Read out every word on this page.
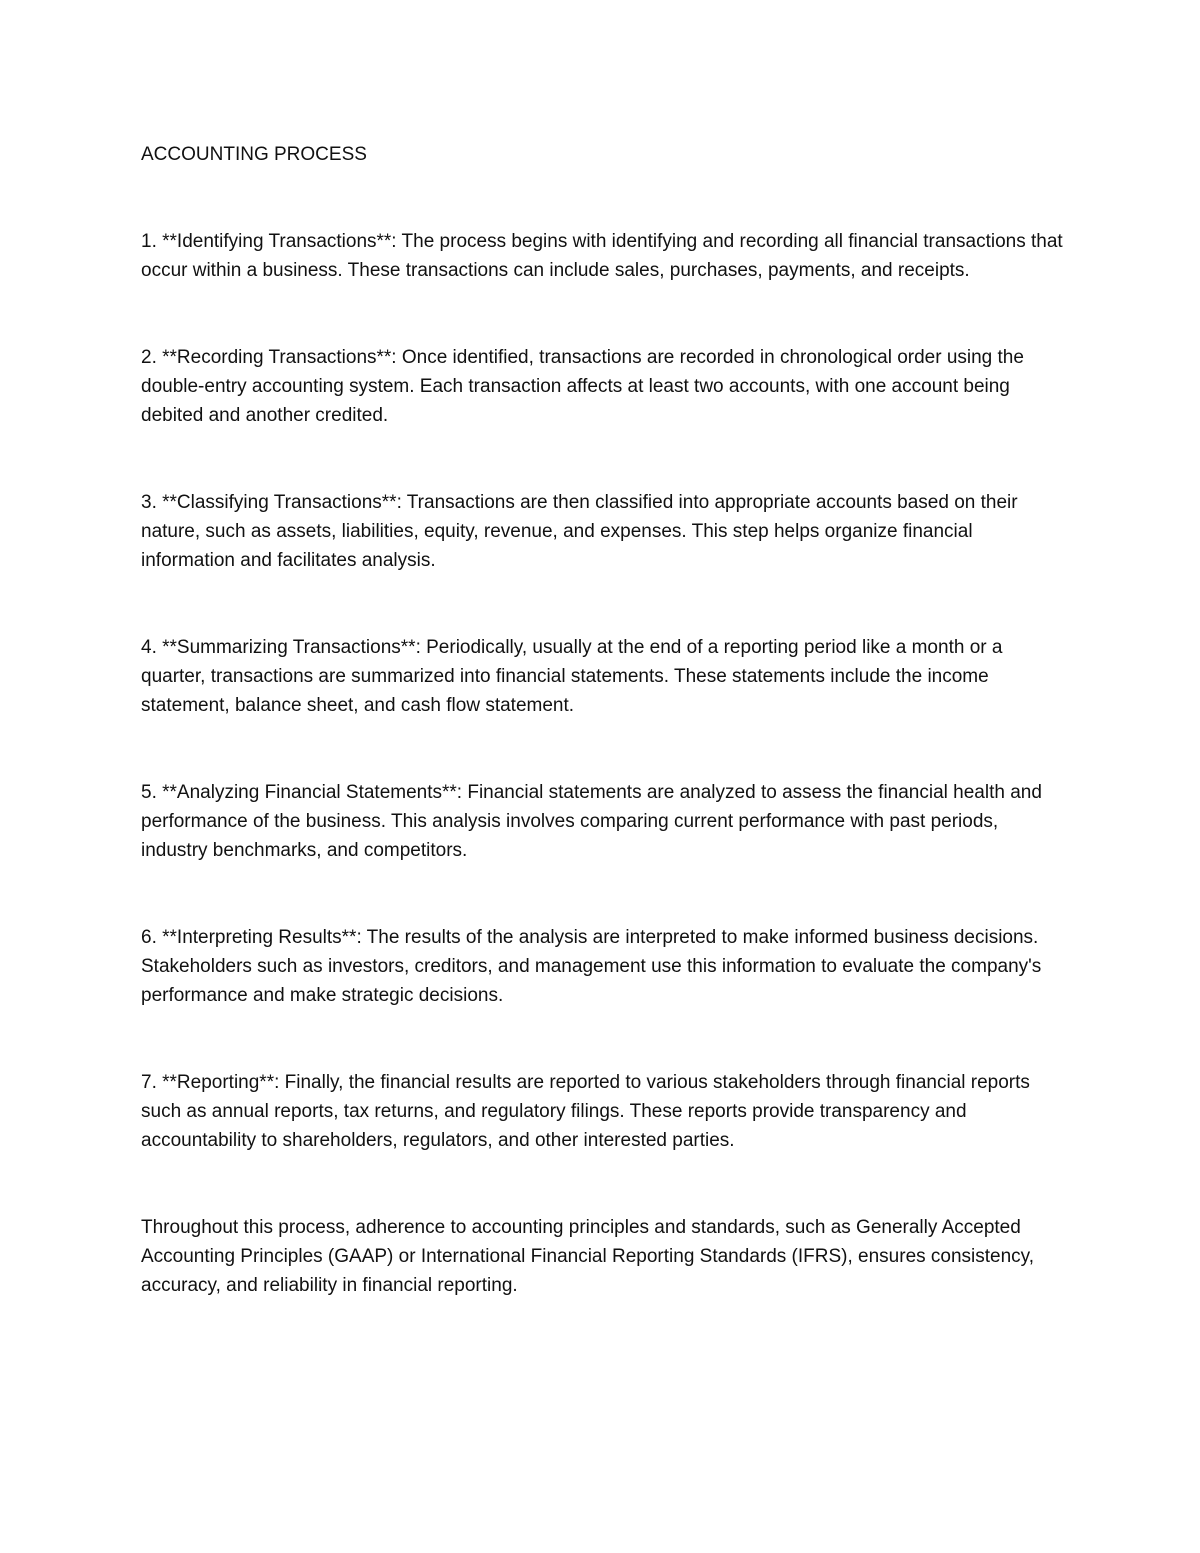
ACCOUNTING PROCESS

1. **Identifying Transactions**: The process begins with identifying and recording all financial transactions that occur within a business. These transactions can include sales, purchases, payments, and receipts.

2. **Recording Transactions**: Once identified, transactions are recorded in chronological order using the double-entry accounting system. Each transaction affects at least two accounts, with one account being debited and another credited.

3. **Classifying Transactions**: Transactions are then classified into appropriate accounts based on their nature, such as assets, liabilities, equity, revenue, and expenses. This step helps organize financial information and facilitates analysis.

4. **Summarizing Transactions**: Periodically, usually at the end of a reporting period like a month or a quarter, transactions are summarized into financial statements. These statements include the income statement, balance sheet, and cash flow statement.

5. **Analyzing Financial Statements**: Financial statements are analyzed to assess the financial health and performance of the business. This analysis involves comparing current performance with past periods, industry benchmarks, and competitors.

6. **Interpreting Results**: The results of the analysis are interpreted to make informed business decisions. Stakeholders such as investors, creditors, and management use this information to evaluate the company's performance and make strategic decisions.

7. **Reporting**: Finally, the financial results are reported to various stakeholders through financial reports such as annual reports, tax returns, and regulatory filings. These reports provide transparency and accountability to shareholders, regulators, and other interested parties.

Throughout this process, adherence to accounting principles and standards, such as Generally Accepted Accounting Principles (GAAP) or International Financial Reporting Standards (IFRS), ensures consistency, accuracy, and reliability in financial reporting.
